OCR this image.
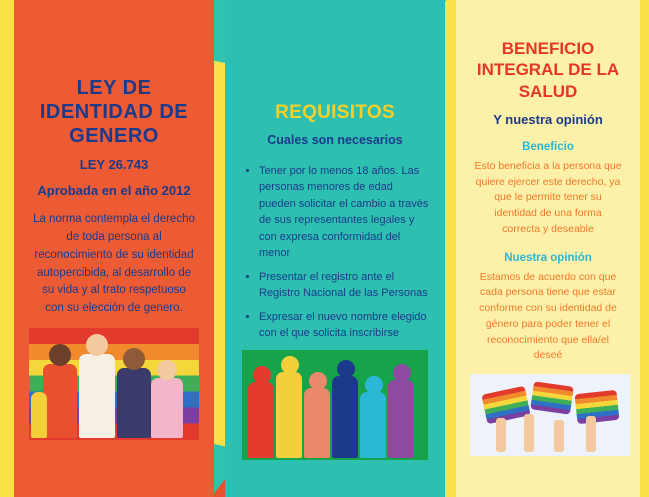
LEY DE IDENTIDAD DE GENERO
LEY 26.743
Aprobada en el año 2012

La norma contempla el derecho de toda persona al reconocimiento de su identidad autopercibida, al desarrollo de su vida y al trato respetuoso con su elección de genero.

REQUISITOS
Cuales son necesarios
• Tener por lo menos 18 años. Las personas menores de edad pueden solicitar el cambio a través de sus representantes legales y con expresa conformidad del menor
• Presentar el registro ante el Registro Nacional de las Personas
• Expresar el nuevo nombre elegido con el que solicita inscribirse
BENEFICIO INTEGRAL DE LA SALUD
Y nuestra opinión
Beneficio

Esto beneficia a la persona que quiere ejercer este derecho, ya que le permite tener su identidad de una forma correcta y deseable

Nuestra opinión

Estamos de acuerdo con que cada persona tiene que estar conforme con su identidad de género para poder tener el reconocimiento que ella/el deseé
